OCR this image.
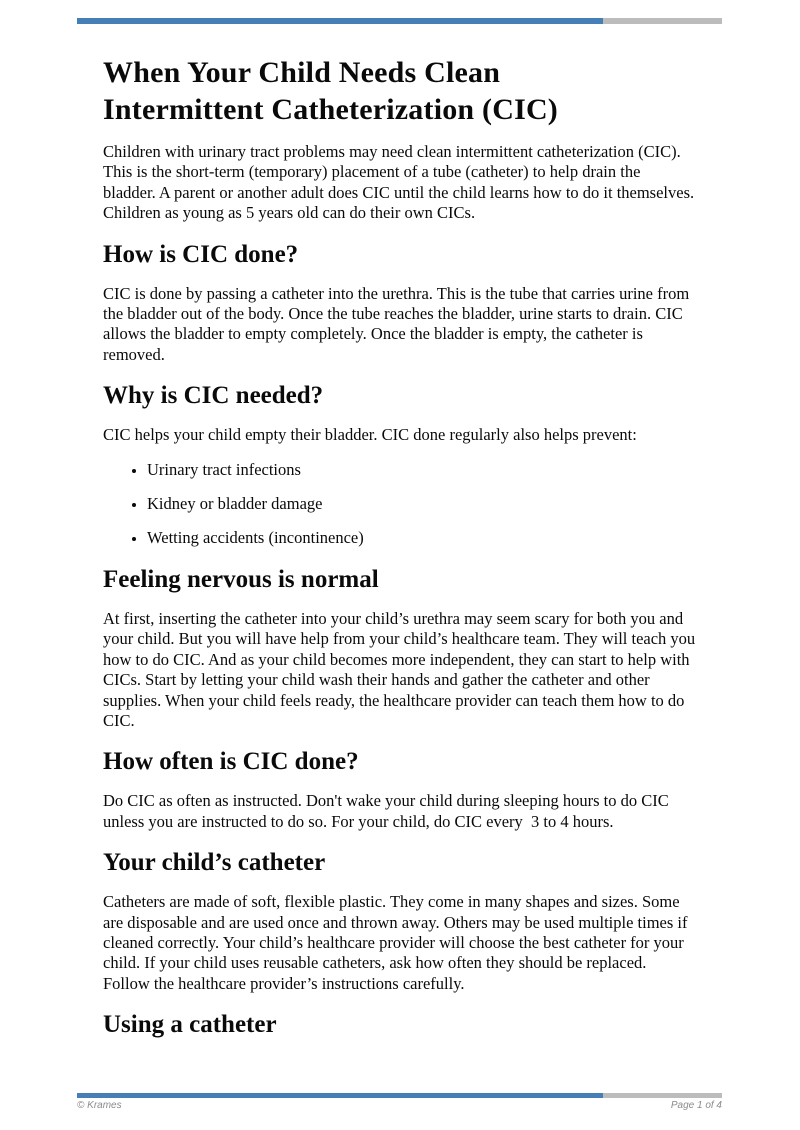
When Your Child Needs Clean Intermittent Catheterization (CIC)

Children with urinary tract problems may need clean intermittent catheterization (CIC). This is the short-term (temporary) placement of a tube (catheter) to help drain the bladder. A parent or another adult does CIC until the child learns how to do it themselves. Children as young as 5 years old can do their own CICs.

How is CIC done?

CIC is done by passing a catheter into the urethra. This is the tube that carries urine from the bladder out of the body. Once the tube reaches the bladder, urine starts to drain. CIC allows the bladder to empty completely. Once the bladder is empty, the catheter is removed.

Why is CIC needed?

CIC helps your child empty their bladder. CIC done regularly also helps prevent:

• Urinary tract infections
• Kidney or bladder damage
• Wetting accidents (incontinence)
Feeling nervous is normal

At first, inserting the catheter into your child’s urethra may seem scary for both you and your child. But you will have help from your child’s healthcare team. They will teach you how to do CIC. And as your child becomes more independent, they can start to help with CICs. Start by letting your child wash their hands and gather the catheter and other supplies. When your child feels ready, the healthcare provider can teach them how to do CIC.

How often is CIC done?

Do CIC as often as instructed. Don't wake your child during sleeping hours to do CIC unless you are instructed to do so. For your child, do CIC every  3 to 4 hours.

Your child’s catheter

Catheters are made of soft, flexible plastic. They come in many shapes and sizes. Some are disposable and are used once and thrown away. Others may be used multiple times if cleaned correctly. Your child’s healthcare provider will choose the best catheter for your child. If your child uses reusable catheters, ask how often they should be replaced. Follow the healthcare provider’s instructions carefully.

Using a catheter
© Krames	Page 1 of 4
